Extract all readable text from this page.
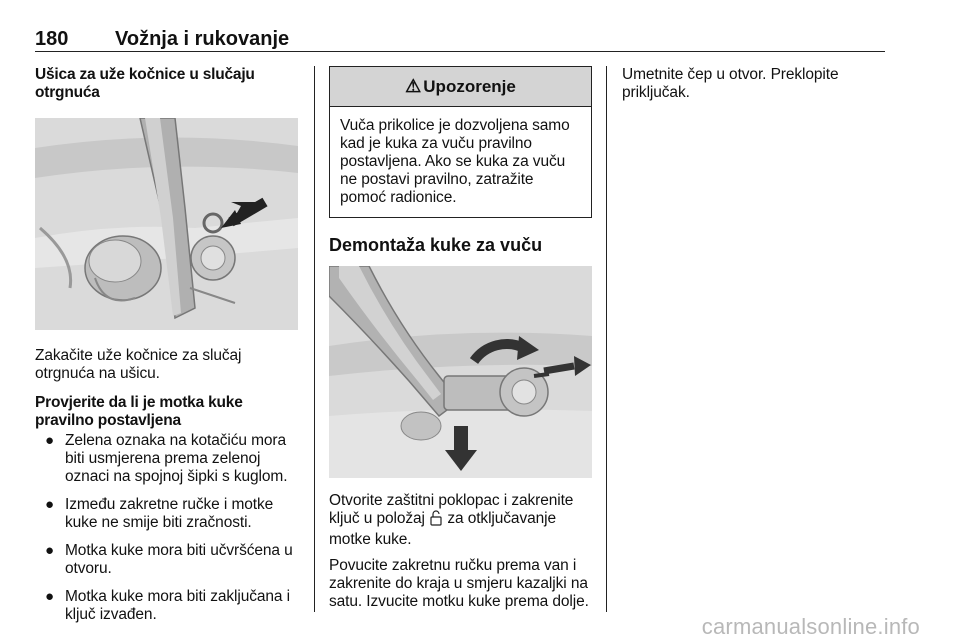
180 Vožnja i rukovanje
Ušica za uže kočnice u slučaju otrgnuća
Zakačite uže kočnice za slučaj otrgnuća na ušicu.
Provjerite da li je motka kuke pravilno postavljena
● Zelena oznaka na kotačiću mora biti usmjerena prema zelenoj oznaci na spojnoj šipki s kuglom.
● Između zakretne ručke i motke kuke ne smije biti zračnosti.
● Motka kuke mora biti učvršćena u otvoru.
● Motka kuke mora biti zaključana i ključ izvađen.
⚠ Upozorenje
Vuča prikolice je dozvoljena samo kad je kuka za vuču pravilno postavljena. Ako se kuka za vuču ne postavi pravilno, zatražite pomoć radionice.
Demontaža kuke za vuču
Otvorite zaštitni poklopac i zakrenite ključ u položaj za otključavanje motke kuke.
Povucite zakretnu ručku prema van i zakrenite do kraja u smjeru kazaljki na satu. Izvucite motku kuke prema dolje.
Umetnite čep u otvor. Preklopite priključak.
carmanualsonline.info
